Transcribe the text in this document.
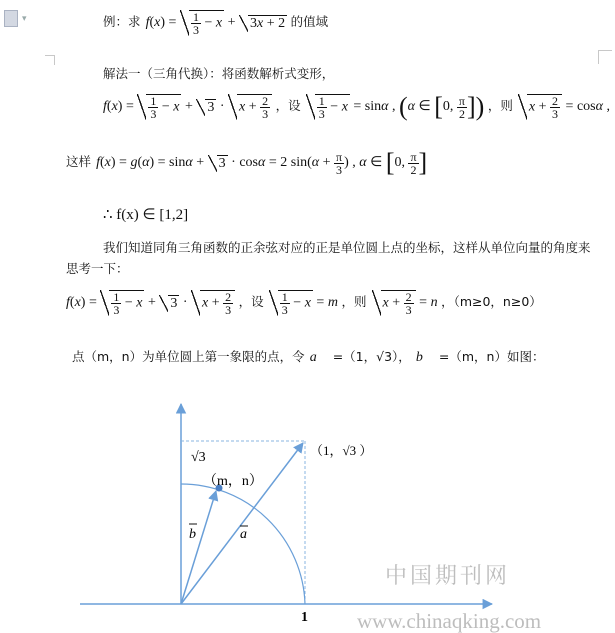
▾	例：求 $f(x) = \frac{1}{3} - x + 3x + 2$ 的值域
解法一（三角代换）：将函数解析式变形，
$f(x) = \frac{1}{3} - x + 3 \cdot x + \frac{2}{3}$ ，设 $\frac{1}{3} - x = \sin\alpha$ , (α ∈ [0, $\frac{\pi}{2}$ ]) ，则 $x + \frac{2}{3} = \cos\alpha$ ,
这样 f(x) = g(α) = sinα + 3 · cosα = 2 $\sin(\alpha + \frac{\pi}{3}$ ) , α ∈ [0, $\frac{\pi}{2}$ ]
∴ f(x) ∈ [1,2]
我们知道同角三角函数的正余弦对应的正是单位圆上点的坐标，这样从单位向量的角度来
思考一下：
$f(x) = \frac{1}{3} - x + 3 \cdot x + \frac{2}{3}$ ，设 $\frac{1}{3} - x = m$ ，则 $x + \frac{2}{3} = n$ ，（m≥0，n≥0）
点（m，n）为单位圆上第一象限的点，令 a⃗ =（1，√3）， b⃗ =（m，n）如图：
√3	（1，√3 ）
（m，n）
b	a
1
中国期刊网
www.chinaqking.com
